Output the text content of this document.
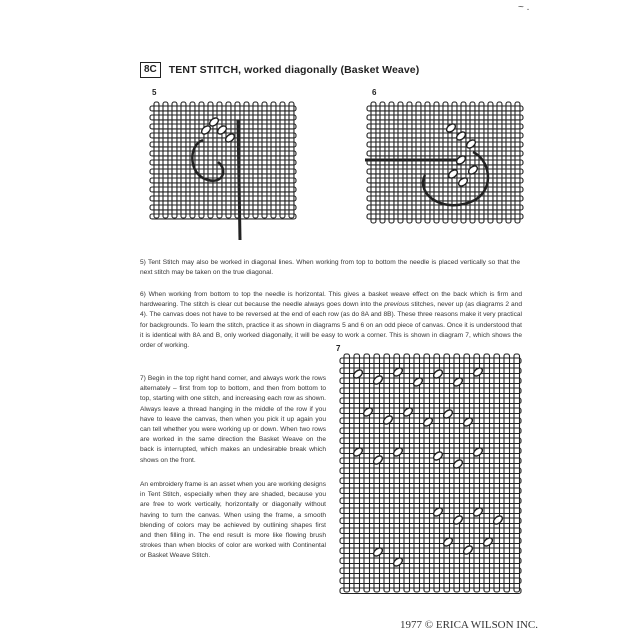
~ .
8C	TENT STITCH, worked diagonally (Basket Weave)
5	6
7

5) Tent Stitch may also be worked in diagonal lines. When working from top to bottom the needle is placed vertically so that the next stitch may be taken on the true diagonal.

6) When working from bottom to top the needle is horizontal. This gives a basket weave effect on the back which is firm and hardwearing. The stitch is clear cut because the needle always goes down into the previous stitches, never up (as diagrams 2 and 4). The canvas does not have to be reversed at the end of each row (as do 8A and 8B). These three reasons make it very practical for backgrounds. To learn the stitch, practice it as shown in diagrams 5 and 6 on an odd piece of canvas. Once it is understood that it is identical with 8A and B, only worked diagonally, it will be easy to work a corner. This is shown in diagram 7, which shows the order of working.

7) Begin in the top right hand corner, and always work the rows alternately – first from top to bottom, and then from bottom to top, starting with one stitch, and increasing each row as shown. Always leave a thread hanging in the middle of the row if you have to leave the canvas, then when you pick it up again you can tell whether you were working up or down. When two rows are worked in the same direction the Basket Weave on the back is interrupted, which makes an undesirable break which shows on the front.

An embroidery frame is an asset when you are working designs in Tent Stitch, especially when they are shaded, because you are free to work vertically, horizontally or diagonally without having to turn the canvas. When using the frame, a smooth blending of colors may be achieved by outlining shapes first and then filling in. The end result is more like flowing brush strokes than when blocks of color are worked with Continental or Basket Weave Stitch.

1977 © ERICA WILSON INC.
